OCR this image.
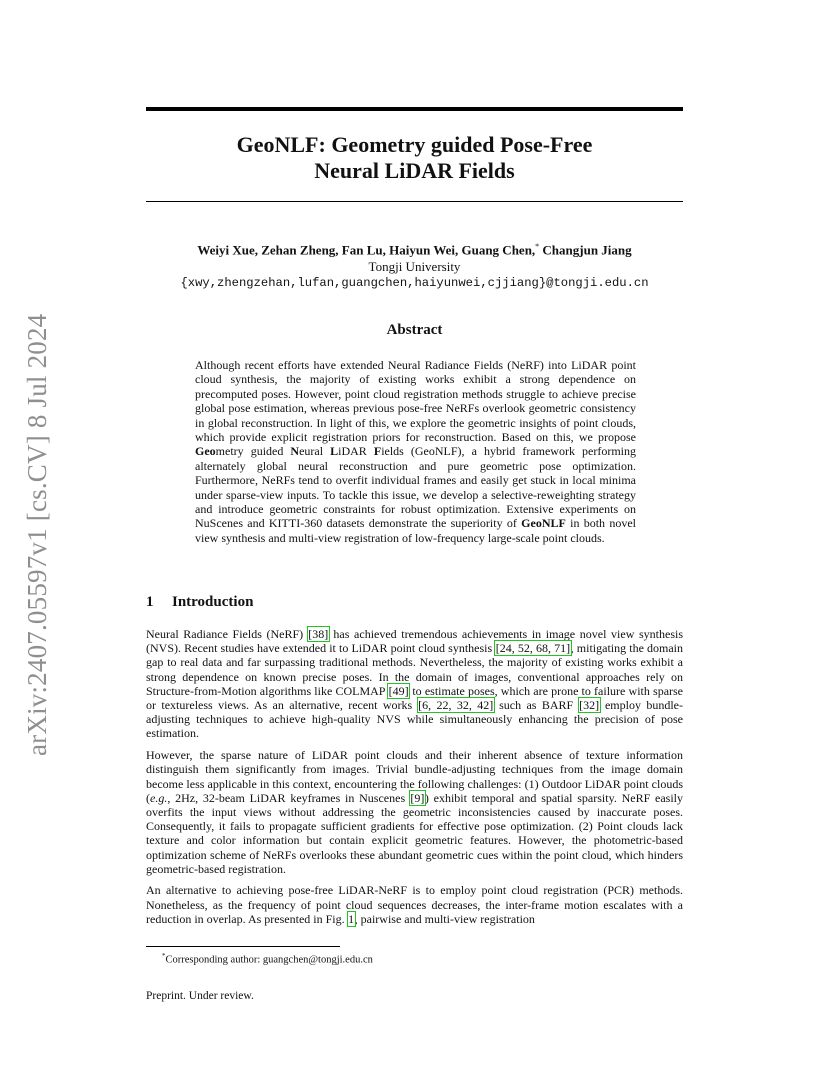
arXiv:2407.05597v1 [cs.CV] 8 Jul 2024
GeoNLF: Geometry guided Pose-Free
Neural LiDAR Fields
Weiyi Xue, Zehan Zheng, Fan Lu, Haiyun Wei, Guang Chen,* Changjun Jiang
Tongji University
{xwy,zhengzehan,lufan,guangchen,haiyunwei,cjjiang}@tongji.edu.cn
Abstract
Although recent efforts have extended Neural Radiance Fields (NeRF) into LiDAR point cloud synthesis, the majority of existing works exhibit a strong dependence on precomputed poses. However, point cloud registration methods struggle to achieve precise global pose estimation, whereas previous pose-free NeRFs overlook geometric consistency in global reconstruction. In light of this, we explore the geometric insights of point clouds, which provide explicit registration priors for reconstruction. Based on this, we propose Geometry guided Neural LiDAR Fields (GeoNLF), a hybrid framework performing alternately global neural reconstruction and pure geometric pose optimization. Furthermore, NeRFs tend to overfit individual frames and easily get stuck in local minima under sparse-view inputs. To tackle this issue, we develop a selective-reweighting strategy and introduce geometric constraints for robust optimization. Extensive experiments on NuScenes and KITTI-360 datasets demonstrate the superiority of GeoNLF in both novel view synthesis and multi-view registration of low-frequency large-scale point clouds.
1 Introduction

Neural Radiance Fields (NeRF) [38] has achieved tremendous achievements in image novel view synthesis (NVS). Recent studies have extended it to LiDAR point cloud synthesis [24, 52, 68, 71], mitigating the domain gap to real data and far surpassing traditional methods. Nevertheless, the majority of existing works exhibit a strong dependence on known precise poses. In the domain of images, conventional approaches rely on Structure-from-Motion algorithms like COLMAP [49] to estimate poses, which are prone to failure with sparse or textureless views. As an alternative, recent works [6, 22, 32, 42] such as BARF [32] employ bundle-adjusting techniques to achieve high-quality NVS while simultaneously enhancing the precision of pose estimation.

However, the sparse nature of LiDAR point clouds and their inherent absence of texture information distinguish them significantly from images. Trivial bundle-adjusting techniques from the image domain become less applicable in this context, encountering the following challenges: (1) Outdoor LiDAR point clouds (e.g., 2Hz, 32-beam LiDAR keyframes in Nuscenes [9]) exhibit temporal and spatial sparsity. NeRF easily overfits the input views without addressing the geometric inconsistencies caused by inaccurate poses. Consequently, it fails to propagate sufficient gradients for effective pose optimization. (2) Point clouds lack texture and color information but contain explicit geometric features. However, the photometric-based optimization scheme of NeRFs overlooks these abundant geometric cues within the point cloud, which hinders geometric-based registration.

An alternative to achieving pose-free LiDAR-NeRF is to employ point cloud registration (PCR) methods. Nonetheless, as the frequency of point cloud sequences decreases, the inter-frame motion escalates with a reduction in overlap. As presented in Fig. 1, pairwise and multi-view registration

*Corresponding author: guangchen@tongji.edu.cn
Preprint. Under review.
